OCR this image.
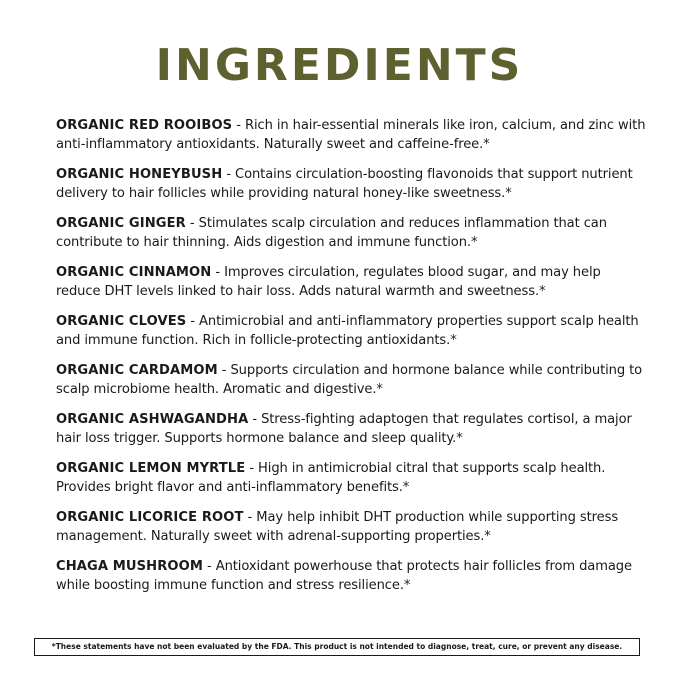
INGREDIENTS
ORGANIC RED ROOIBOS - Rich in hair-essential minerals like iron, calcium, and zinc with anti-inflammatory antioxidants. Naturally sweet and caffeine-free.*
ORGANIC HONEYBUSH - Contains circulation-boosting flavonoids that support nutrient delivery to hair follicles while providing natural honey-like sweetness.*
ORGANIC GINGER - Stimulates scalp circulation and reduces inflammation that can contribute to hair thinning. Aids digestion and immune function.*
ORGANIC CINNAMON - Improves circulation, regulates blood sugar, and may help reduce DHT levels linked to hair loss. Adds natural warmth and sweetness.*
ORGANIC CLOVES - Antimicrobial and anti-inflammatory properties support scalp health and immune function. Rich in follicle-protecting antioxidants.*
ORGANIC CARDAMOM - Supports circulation and hormone balance while contributing to scalp microbiome health. Aromatic and digestive.*
ORGANIC ASHWAGANDHA - Stress-fighting adaptogen that regulates cortisol, a major hair loss trigger. Supports hormone balance and sleep quality.*
ORGANIC LEMON MYRTLE - High in antimicrobial citral that supports scalp health. Provides bright flavor and anti-inflammatory benefits.*
ORGANIC LICORICE ROOT - May help inhibit DHT production while supporting stress management. Naturally sweet with adrenal-supporting properties.*
CHAGA MUSHROOM - Antioxidant powerhouse that protects hair follicles from damage while boosting immune function and stress resilience.*
*These statements have not been evaluated by the FDA. This product is not intended to diagnose, treat, cure, or prevent any disease.
